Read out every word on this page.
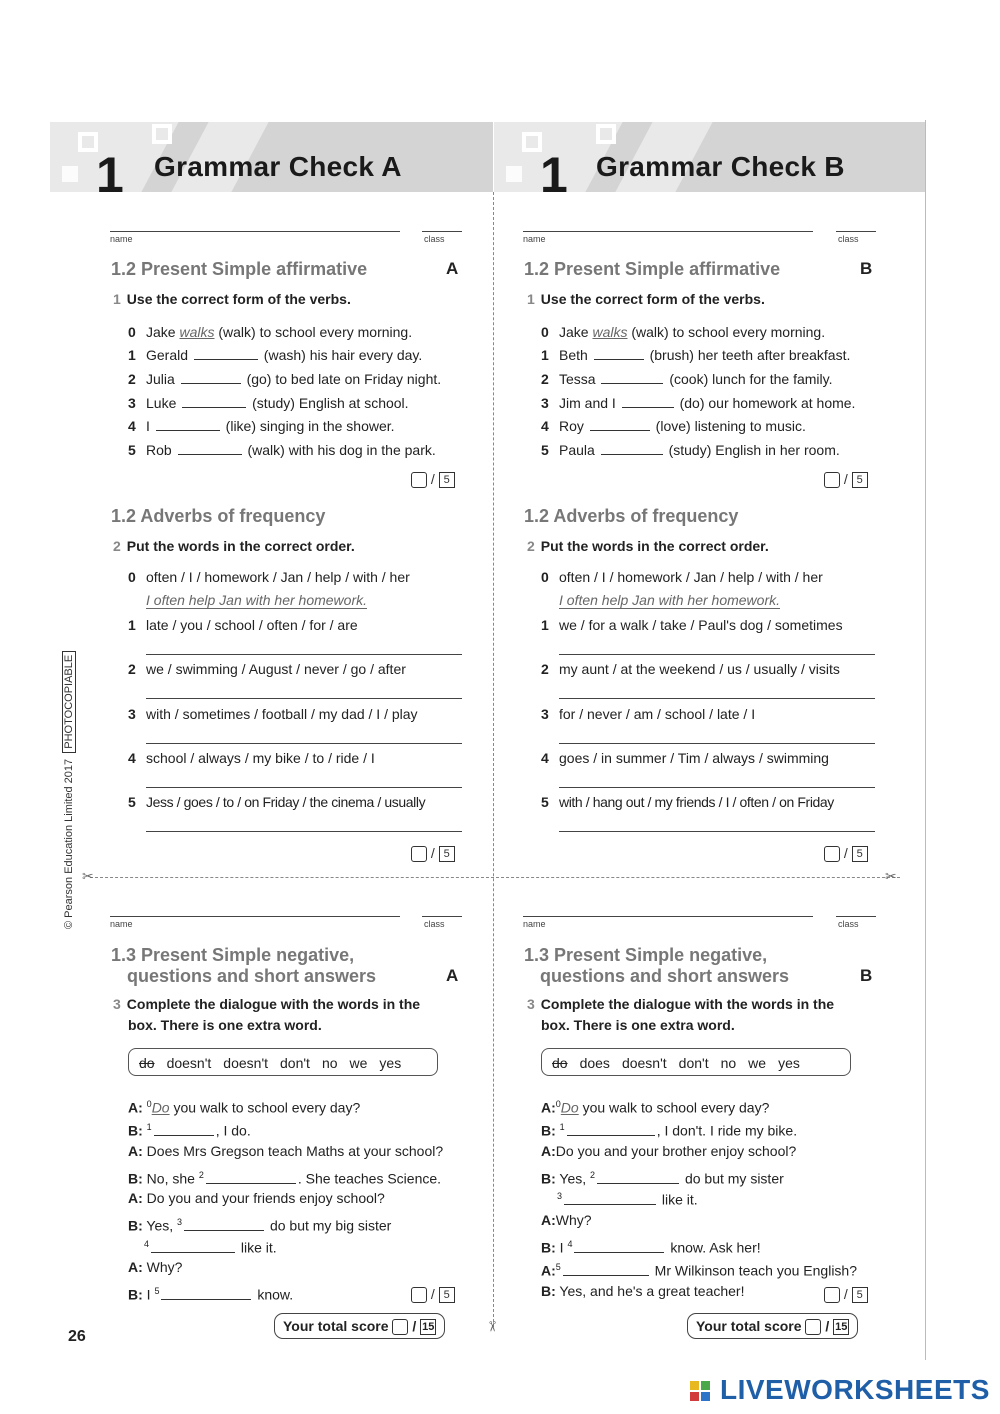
1 Grammar Check A	1 Grammar Check B
✂	✂
✂
© Pearson Education Limited 2017  PHOTOCOPIABLE
name	class
1.2 Present Simple affirmative	A
1 Use the correct form of the verbs.
0 Jake walks (walk) to school every morning.
1 Gerald	(wash) his hair every day.
2 Julia	(go) to bed late on Friday night.
3 Luke	(study) English at school.
4 I	(like) singing in the shower.
5 Rob	(walk) with his dog in the park.
/ 5
1.2 Adverbs of frequency
2 Put the words in the correct order.
0 often / I / homework / Jan / help / with / her
I often help Jan with her homework.
1 late / you / school / often / for / are
2 we / swimming / August / never / go / after
3 with / sometimes / football / my dad / I / play
4 school / always / my bike / to / ride / I
5 Jess / goes / to / on Friday / the cinema / usually
/ 5
name	class
1.2 Present Simple affirmative	B
1 Use the correct form of the verbs.
0 Jake walks (walk) to school every morning.
1 Beth	(brush) her teeth after breakfast.
2 Tessa	(cook) lunch for the family.
3 Jim and I	(do) our homework at home.
4 Roy	(love) listening to music.
5 Paula	(study) English in her room.
/ 5
1.2 Adverbs of frequency
2 Put the words in the correct order.
0 often / I / homework / Jan / help / with / her
I often help Jan with her homework.
1 we / for a walk / take / Paul's dog / sometimes
2 my aunt / at the weekend / us / usually / visits
3 for / never / am / school / late / I
4 goes / in summer / Tim / always / swimming
5 with / hang out / my friends / I / often / on Friday
/ 5
name	class
1.3 Present Simple negative,
questions and short answers	A
3 Complete the dialogue with the words in the
box. There is one extra word.
do doesn't doesn't don't no we yes
A: $^0$Do you walk to school every day?
B: $^1$	, I do.
A: Does Mrs Gregson teach Maths at your school?
B: No, she $^2$	. She teaches Science.
A: Do you and your friends enjoy school?
B: Yes, $^3$	do but my big sister
$^4$	like it.
A: Why?
B: I $^5$	know.	/ 5
Your total score  / 15
name	class
1.3 Present Simple negative,
questions and short answers	B
3 Complete the dialogue with the words in the
box. There is one extra word.
do does doesn't don't no we yes
A:$^0$Do you walk to school every day?
B: $^1$	, I don't. I ride my bike.
A:Do you and your brother enjoy school?
B: Yes, $^2$	do but my sister
$^3$	like it.
A:Why?
B: I $^4$	know. Ask her!
A:$^5$	Mr Wilkinson teach you English?
B: Yes, and he's a great teacher!	/ 5
Your total score  / 15
26
LIVEWORKSHEETS
